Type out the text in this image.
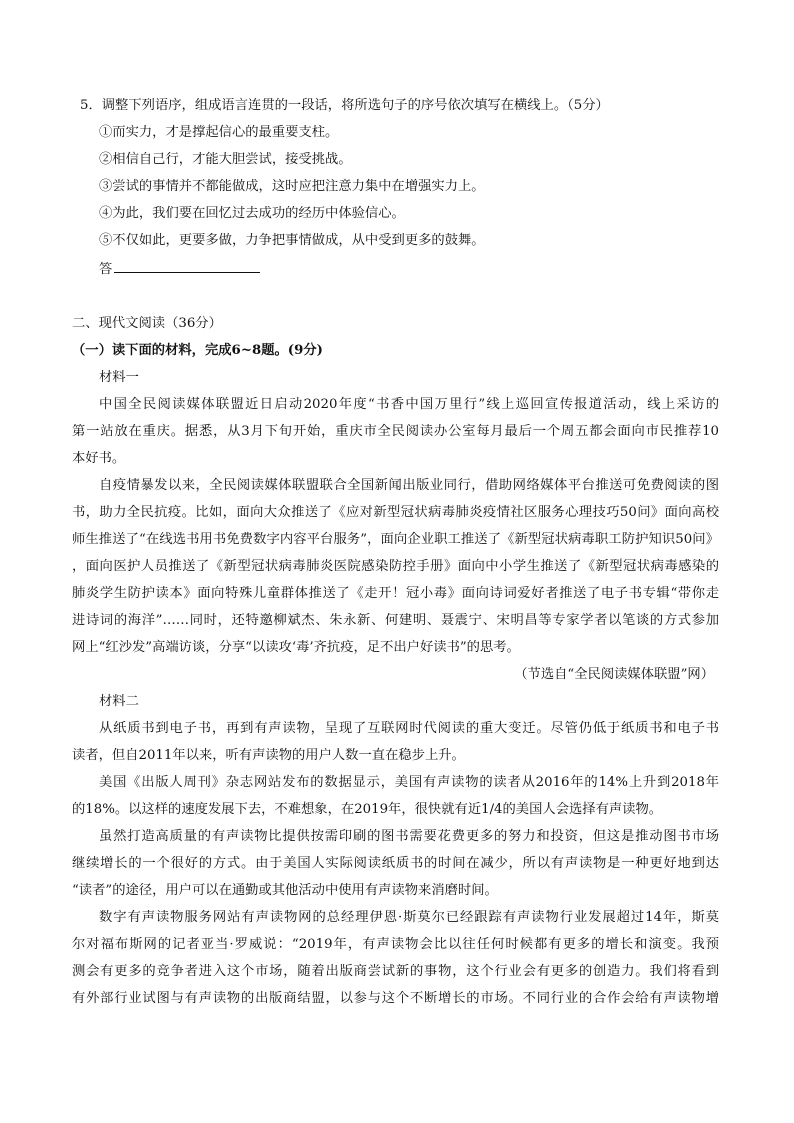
5．调整下列语序，组成语言连贯的一段话，将所选句子的序号依次填写在横线上。（5分）
①而实力，才是撑起信心的最重要支柱。
②相信自己行，才能大胆尝试，接受挑战。
③尝试的事情并不都能做成，这时应把注意力集中在增强实力上。
④为此，我们要在回忆过去成功的经历中体验信心。
⑤不仅如此，更要多做，力争把事情做成，从中受到更多的鼓舞。
答
二、现代文阅读（36分）
（一）读下面的材料，完成6~8题。(9分)
材料一
中国全民阅读媒体联盟近日启动2020年度“书香中国万里行”线上巡回宣传报道活动，线上采访的
第一站放在重庆。据悉，从3月下旬开始，重庆市全民阅读办公室每月最后一个周五都会面向市民推荐10
本好书。
自疫情暴发以来，全民阅读媒体联盟联合全国新闻出版业同行，借助网络媒体平台推送可免费阅读的图
书，助力全民抗疫。比如，面向大众推送了《应对新型冠状病毒肺炎疫情社区服务心理技巧50问》面向高校
师生推送了“在线选书用书免费数字内容平台服务”，面向企业职工推送了《新型冠状病毒职工防护知识50问》
，面向医护人员推送了《新型冠状病毒肺炎医院感染防控手册》面向中小学生推送了《新型冠状病毒感染的
肺炎学生防护读本》面向特殊儿童群体推送了《走开！冠小毒》面向诗词爱好者推送了电子书专辑“带你走
进诗词的海洋”……同时，还特邀柳斌杰、朱永新、何建明、聂震宁、宋明昌等专家学者以笔谈的方式参加
网上“红沙发”高端访谈，分享“以读攻‘毒’齐抗疫，足不出户好读书”的思考。
（节选自“全民阅读媒体联盟”网）
材料二
从纸质书到电子书，再到有声读物，呈现了互联网时代阅读的重大变迁。尽管仍低于纸质书和电子书
读者，但自2011年以来，听有声读物的用户人数一直在稳步上升。
美国《出版人周刊》杂志网站发布的数据显示，美国有声读物的读者从2016年的14%上升到2018年
的18%。以这样的速度发展下去，不难想象，在2019年，很快就有近1/4的美国人会选择有声读物。
虽然打造高质量的有声读物比提供按需印刷的图书需要花费更多的努力和投资，但这是推动图书市场
继续增长的一个很好的方式。由于美国人实际阅读纸质书的时间在减少，所以有声读物是一种更好地到达
“读者”的途径，用户可以在通勤或其他活动中使用有声读物来消磨时间。
数字有声读物服务网站有声读物网的总经理伊恩·斯莫尔已经跟踪有声读物行业发展超过14年，斯莫
尔对福布斯网的记者亚当·罗威说：“2019年，有声读物会比以往任何时候都有更多的增长和演变。我预
测会有更多的竞争者进入这个市场，随着出版商尝试新的事物，这个行业会有更多的创造力。我们将看到
有外部行业试图与有声读物的出版商结盟，以参与这个不断增长的市场。不同行业的合作会给有声读物增
